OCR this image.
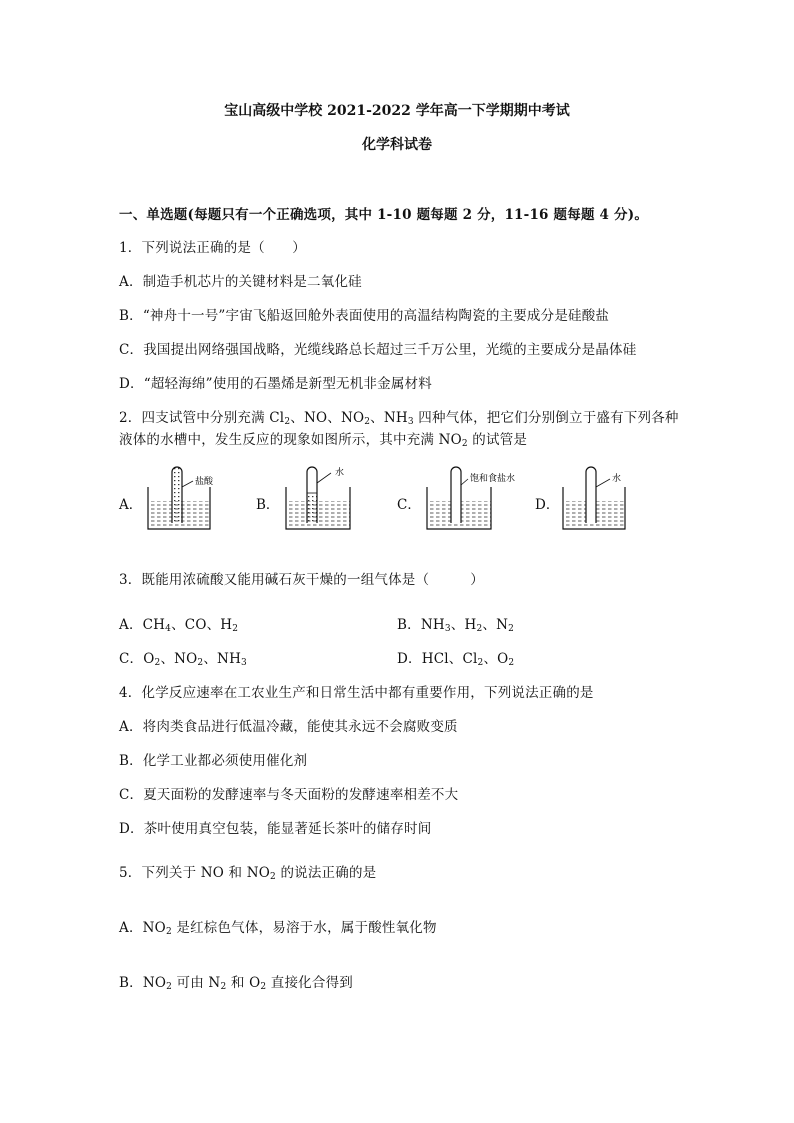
宝山高级中学校 2021-2022 学年高一下学期期中考试
化学科试卷
一、单选题(每题只有一个正确选项，其中 1-10 题每题 2 分，11-16 题每题 4 分)。
1．下列说法正确的是（　　）
A．制造手机芯片的关键材料是二氧化硅
B．“神舟十一号”宇宙飞船返回舱外表面使用的高温结构陶瓷的主要成分是硅酸盐
C．我国提出网络强国战略，光缆线路总长超过三千万公里，光缆的主要成分是晶体硅
D．“超轻海绵”使用的石墨烯是新型无机非金属材料
2．四支试管中分别充满 $Cl_2$、NO、$NO_2$、$NH_3$ 四种气体，把它们分别倒立于盛有下列各种
液体的水槽中，发生反应的现象如图所示，其中充满 $NO_2$ 的试管是
A．
盐酸
B．
水
C．
饱和食盐水
D．
水
3．既能用浓硫酸又能用碱石灰干燥的一组气体是（　　　）
A．$CH_4$、CO、$H_2$	B．$NH_3$、$H_2$、$N_2$
C．$O_2$、$NO_2$、$NH_3$	D．HCl、$Cl_2$、$O_2$
4．化学反应速率在工农业生产和日常生活中都有重要作用，下列说法正确的是
A．将肉类食品进行低温冷藏，能使其永远不会腐败变质
B．化学工业都必须使用催化剂
C．夏天面粉的发酵速率与冬天面粉的发酵速率相差不大
D．茶叶使用真空包装，能显著延长茶叶的储存时间
5．下列关于 NO 和 $NO_2$ 的说法正确的是
A．$NO_2$ 是红棕色气体，易溶于水，属于酸性氧化物
B．$NO_2$ 可由 $N_2$ 和 $O_2$ 直接化合得到
